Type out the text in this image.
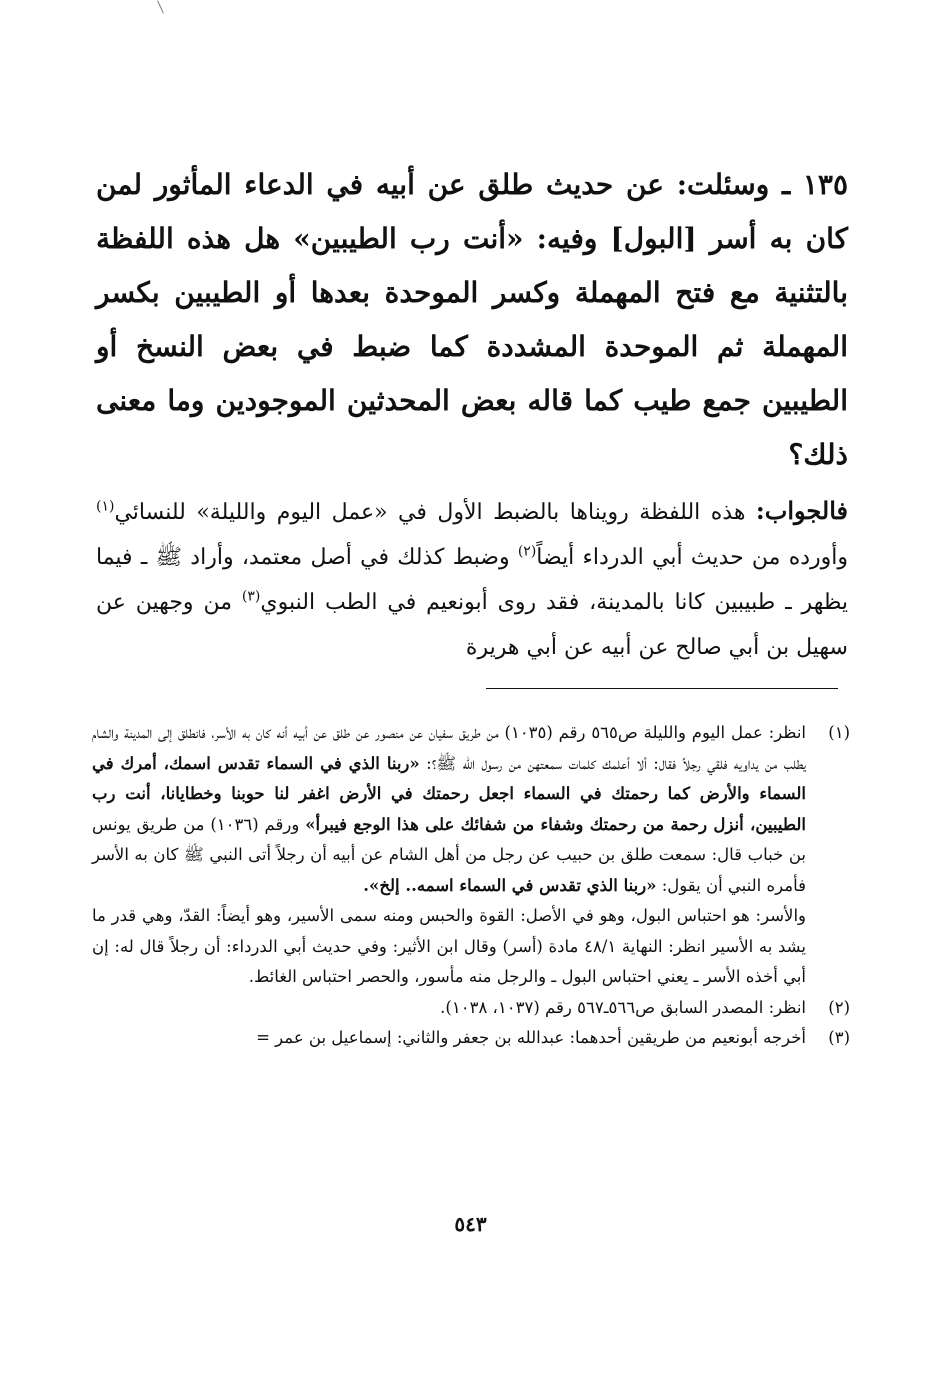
١٣٥ ـ وسئلت: عن حديث طلق عن أبيه في الدعاء المأثور لمن كان به أسر [البول] وفيه: «أنت رب الطيبين» هل هذه اللفظة بالتثنية مع فتح المهملة وكسر الموحدة بعدها أو الطيبين بكسر المهملة ثم الموحدة المشددة كما ضبط في بعض النسخ أو الطيبين جمع طيب كما قاله بعض المحدثين الموجودين وما معنى ذلك؟
فالجواب: هذه اللفظة رويناها بالضبط الأول في «عمل اليوم والليلة» للنسائي$^{(١)}$ وأورده من حديث أبي الدرداء أيضاً$^{(٢)}$ وضبط كذلك في أصل معتمد، وأراد ﷺ ـ فيما يظهر ـ طبيبين كانا بالمدينة، فقد روى أبونعيم في الطب النبوي$^{(٣)}$ من وجهين عن سهيل بن أبي صالح عن أبيه عن أبي هريرة
(١)
انظر: عمل اليوم والليلة ص٥٦٥ رقم (١٠٣٥) من طريق سفيان عن منصور عن طلق عن أبيه أنه كان به الأسر، فانطلق إلى المدينة والشام يطلب من يداويه فلقي رجلاً فقال: ألا أعلمك كلمات سمعتهن من رسول الله ﷺ؟: «ربنا الذي في السماء تقدس اسمك، أمرك في السماء والأرض كما رحمتك في السماء اجعل رحمتك في الأرض اغفر لنا حوبنا وخطايانا، أنت رب الطيبين، أنزل رحمة من رحمتك وشفاء من شفائك على هذا الوجع فيبرأ» ورقم (١٠٣٦) من طريق يونس بن خباب قال: سمعت طلق بن حبيب عن رجل من أهل الشام عن أبيه أن رجلاً أتى النبي ﷺ كان به الأسر فأمره النبي أن يقول: «ربنا الذي تقدس في السماء اسمه.. إلخ».
والأسر: هو احتباس البول، وهو في الأصل: القوة والحبس ومنه سمى الأسير، وهو أيضاً: القدّ، وهي قدر ما يشد به الأسير انظر: النهاية ٤٨/١ مادة (أسر) وقال ابن الأثير: وفي حديث أبي الدرداء: أن رجلاً قال له: إن أبي أخذه الأسر ـ يعني احتباس البول ـ والرجل منه مأسور، والحصر احتباس الغائط.
(٢)
انظر: المصدر السابق ص٥٦٦ـ٥٦٧ رقم (١٠٣٧، ١٠٣٨).
(٣)
أخرجه أبونعيم من طريقين أحدهما: عبدالله بن جعفر والثاني: إسماعيل بن عمر =
٥٤٣
